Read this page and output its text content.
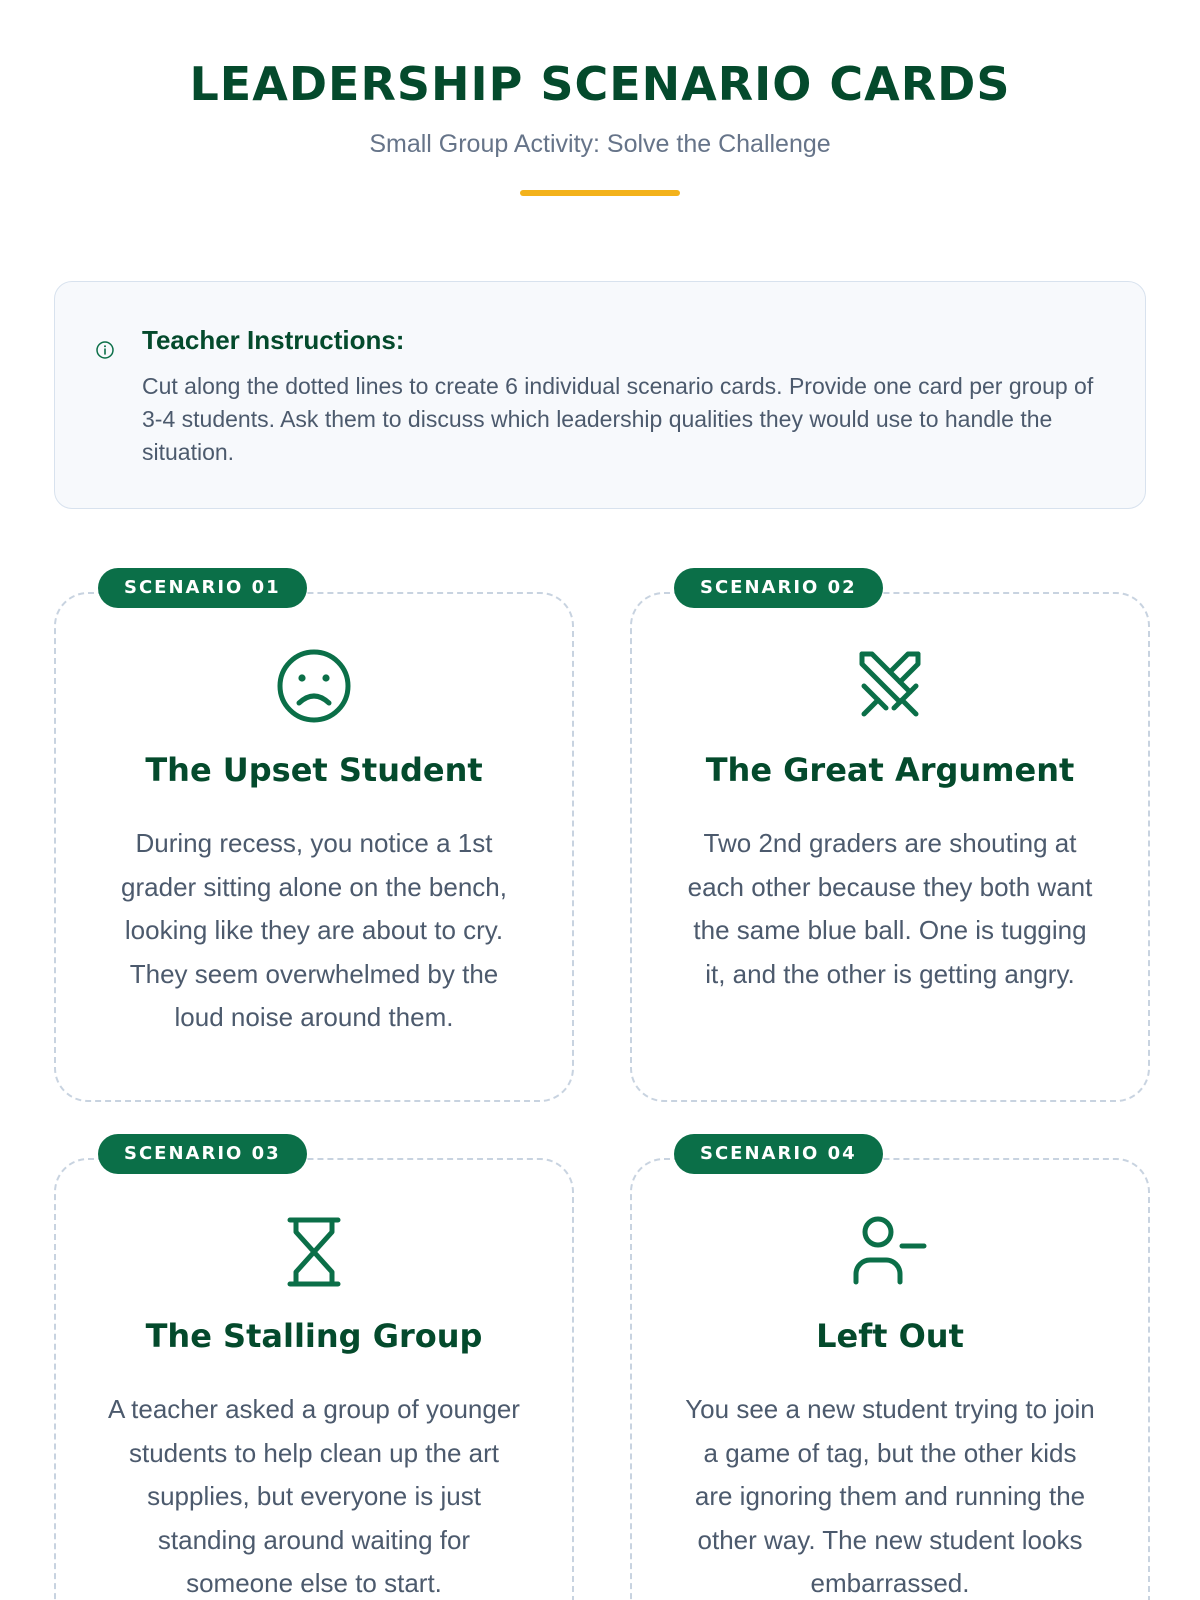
LEADERSHIP SCENARIO CARDS
Small Group Activity: Solve the Challenge
Teacher Instructions:
Cut along the dotted lines to create 6 individual scenario cards. Provide one card per group of 3-4 students. Ask them to discuss which leadership qualities they would use to handle the situation.
SCENARIO 01
The Upset Student
During recess, you notice a 1st grader sitting alone on the bench, looking like they are about to cry. They seem overwhelmed by the loud noise around them.
SCENARIO 02
The Great Argument
Two 2nd graders are shouting at each other because they both want the same blue ball. One is tugging it, and the other is getting angry.
SCENARIO 03
The Stalling Group
A teacher asked a group of younger students to help clean up the art supplies, but everyone is just standing around waiting for someone else to start.
SCENARIO 04
Left Out
You see a new student trying to join a game of tag, but the other kids are ignoring them and running the other way. The new student looks embarrassed.
